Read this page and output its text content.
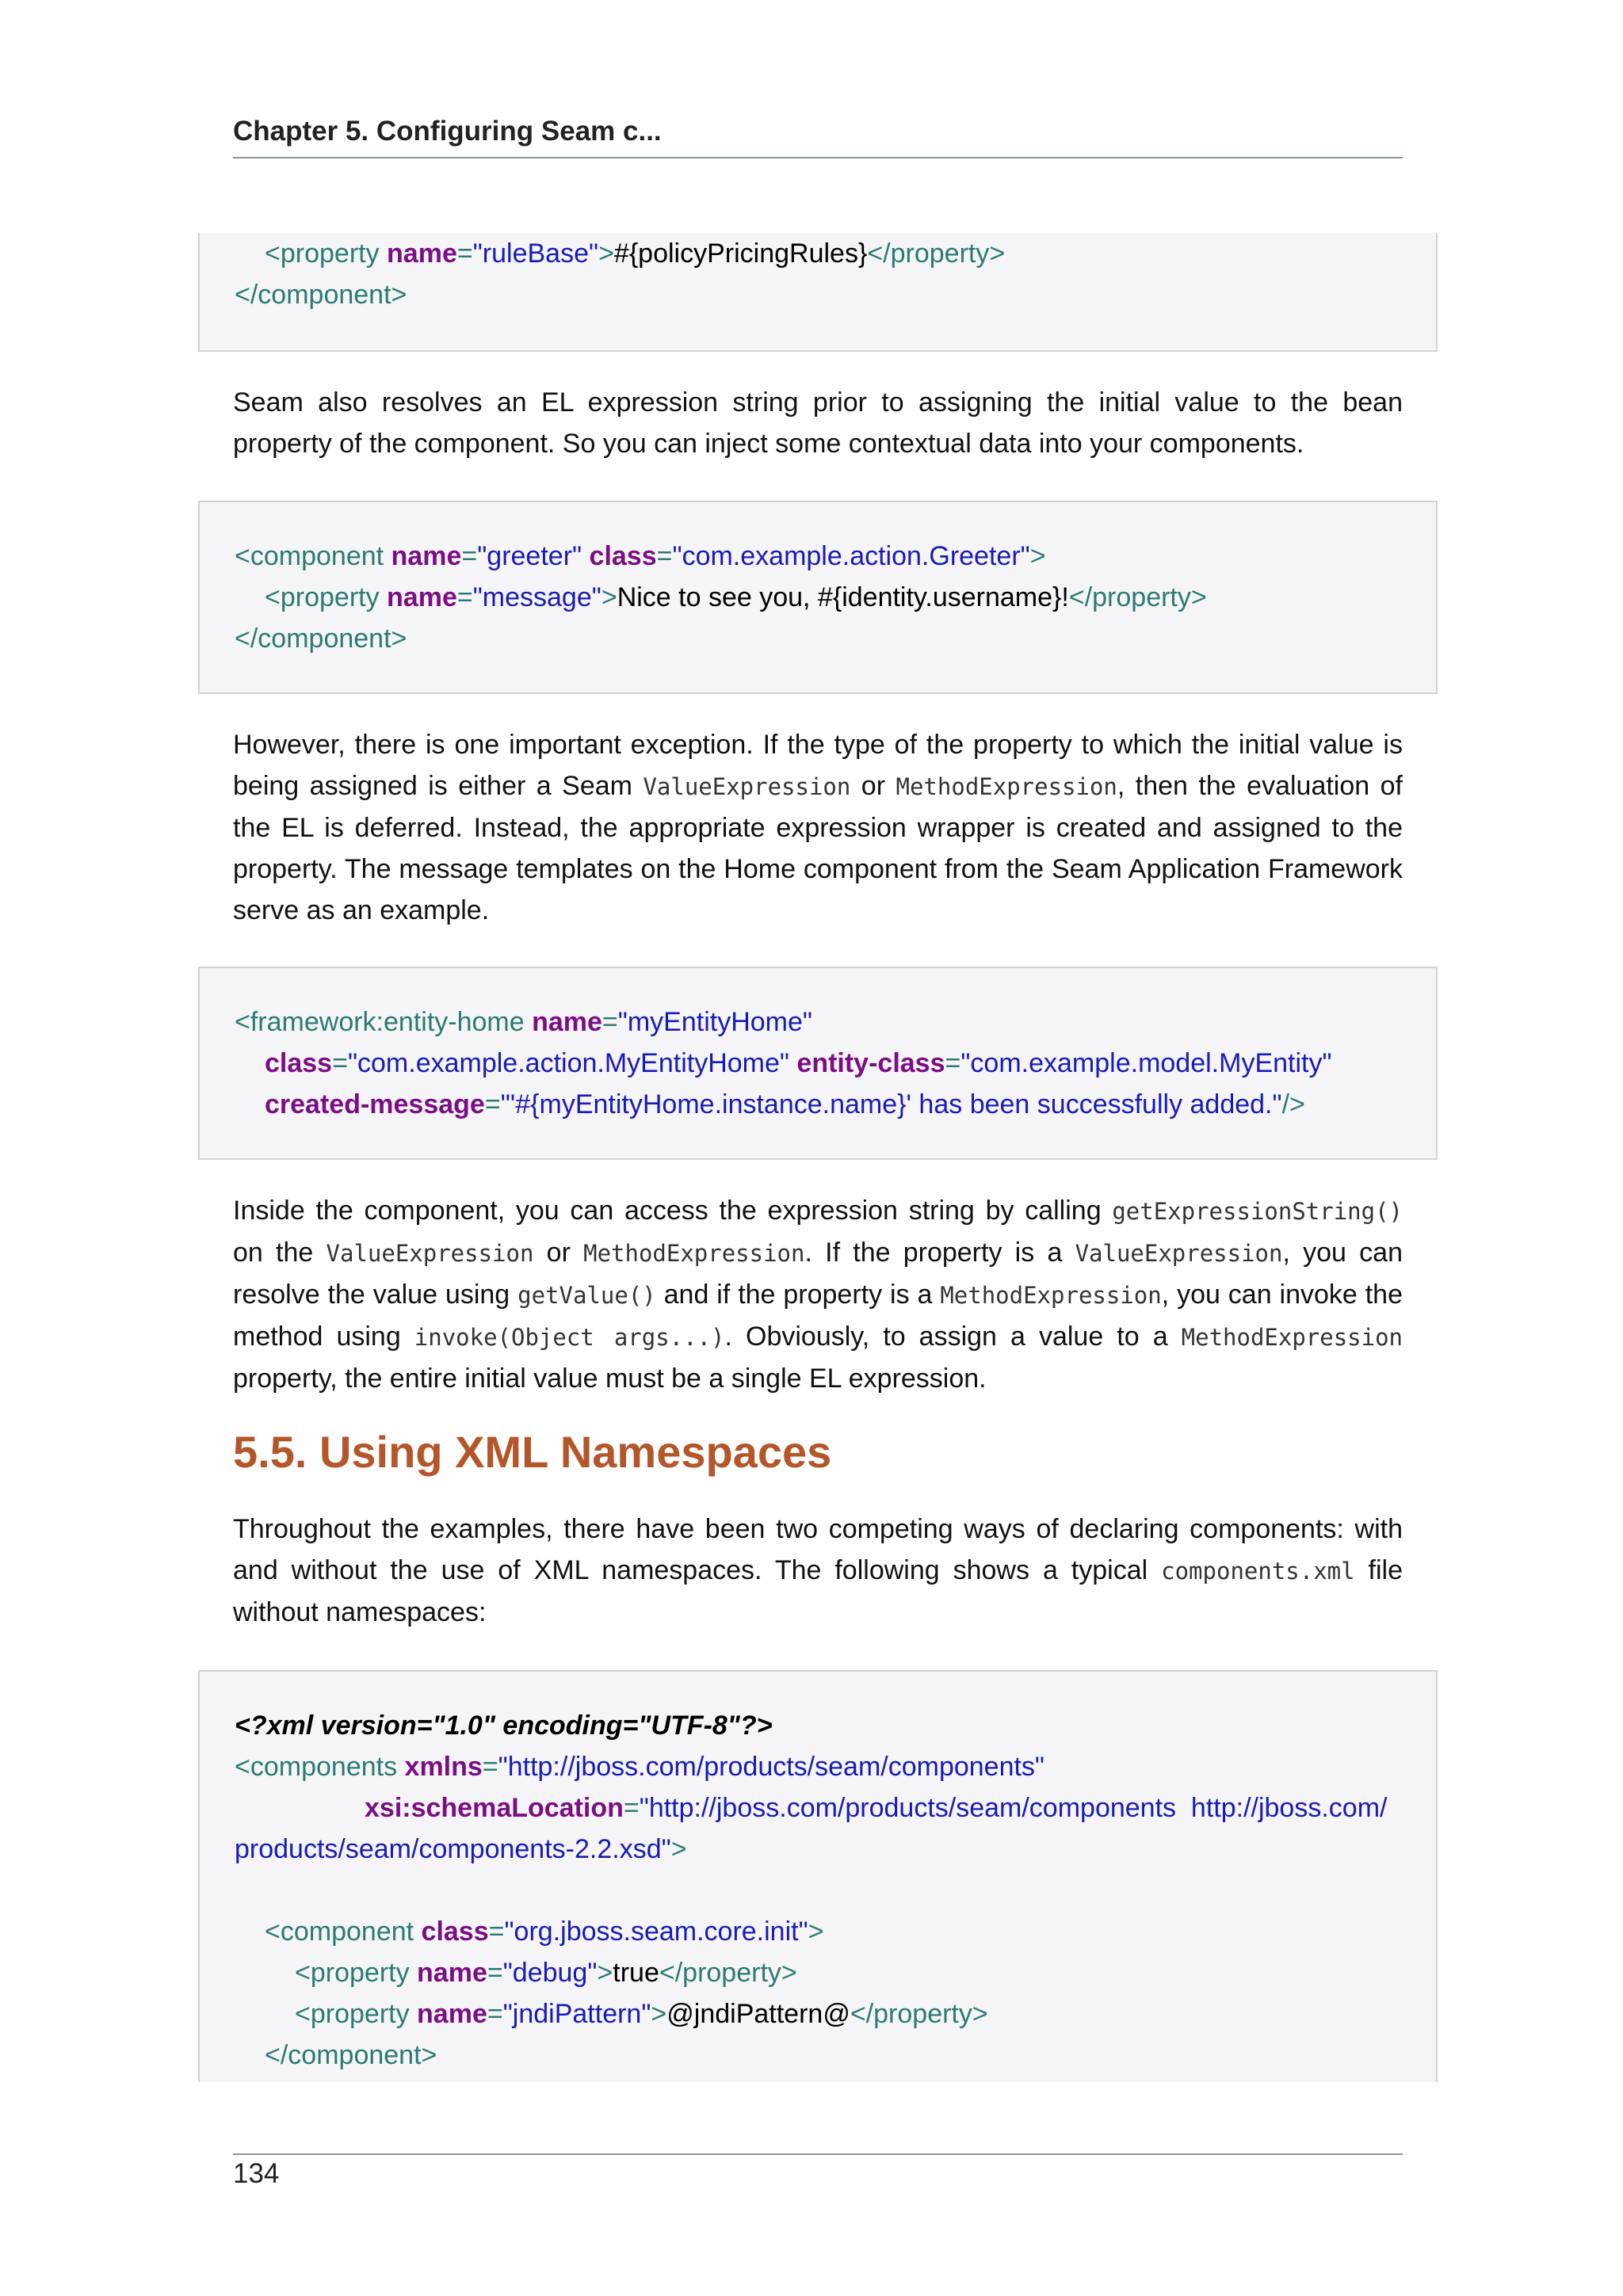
Chapter 5. Configuring Seam c...
<property name="ruleBase">#{policyPricingRules}</property>
</component>

Seam also resolves an EL expression string prior to assigning the initial value to the bean property of the component. So you can inject some contextual data into your components.

<component name="greeter" class="com.example.action.Greeter">
<property name="message">Nice to see you, #{identity.username}!</property>
</component>

However, there is one important exception. If the type of the property to which the initial value is being assigned is either a Seam ValueExpression or MethodExpression, then the evaluation of the EL is deferred. Instead, the appropriate expression wrapper is created and assigned to the property. The message templates on the Home component from the Seam Application Framework serve as an example.

<framework:entity-home name="myEntityHome"
class="com.example.action.MyEntityHome" entity-class="com.example.model.MyEntity"
created-message="'#{myEntityHome.instance.name}' has been successfully added."/>

Inside the component, you can access the expression string by calling getExpressionString() on the ValueExpression or MethodExpression. If the property is a ValueExpression, you can resolve the value using getValue() and if the property is a MethodExpression, you can invoke the method using invoke(Object args...). Obviously, to assign a value to a MethodExpression property, the entire initial value must be a single EL expression.

5.5. Using XML Namespaces

Throughout the examples, there have been two competing ways of declaring components: with and without the use of XML namespaces. The following shows a typical components.xml file without namespaces:

<?xml version="1.0" encoding="UTF-8"?>
<components xmlns="http://jboss.com/products/seam/components"
xsi:schemaLocation="http://jboss.com/products/seam/components  http://jboss.com/
products/seam/components-2.2.xsd">

<component class="org.jboss.seam.core.init">
<property name="debug">true</property>
<property name="jndiPattern">@jndiPattern@</property>
</component>
134
